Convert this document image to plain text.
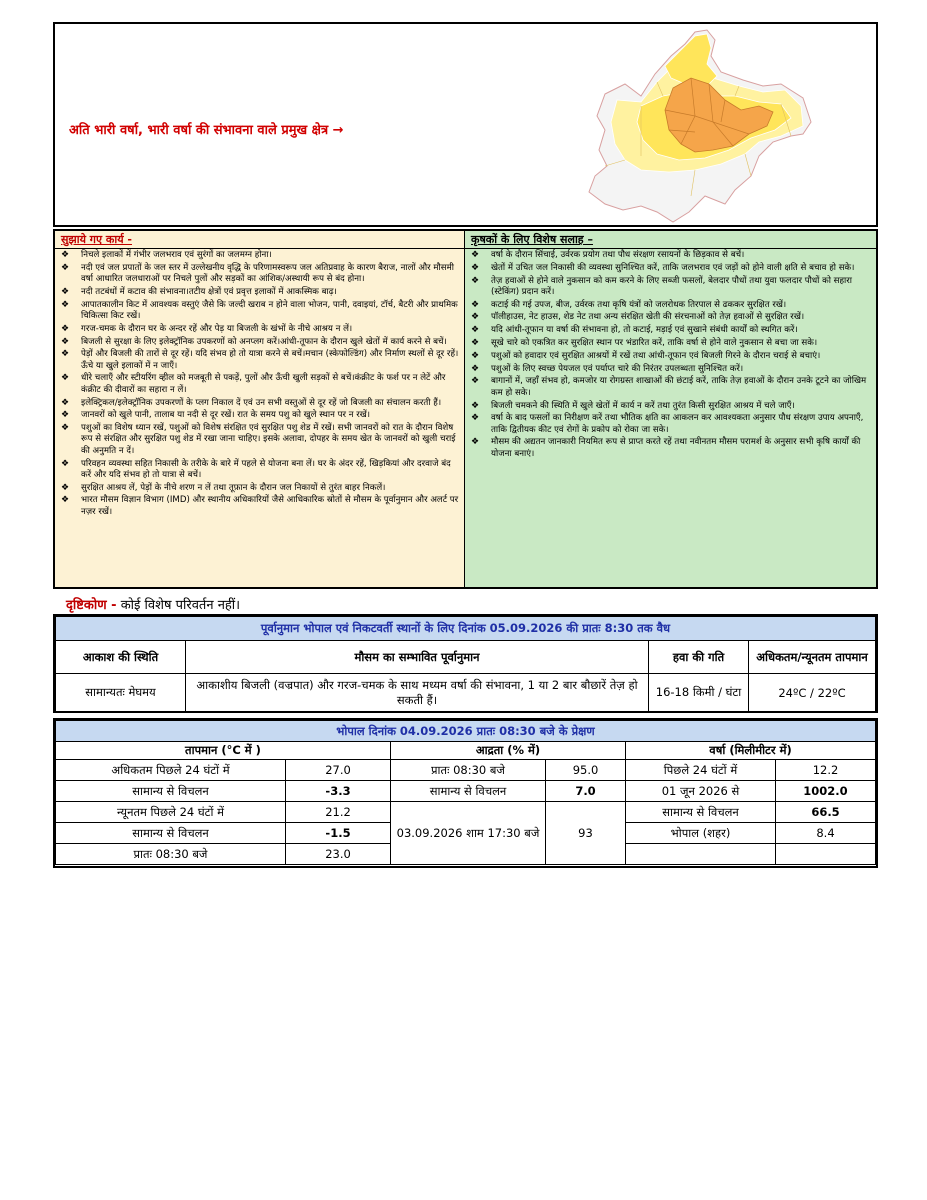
अति भारी वर्षा, भारी वर्षा की संभावना वाले प्रमुख क्षेत्र →
सुझाये गए कार्य -
❖ निचले इलाकों में गंभीर जलभराव एवं सुरंगों का जलमग्न होना।
❖ नदी एवं जल प्रपातों के जल स्तर में उल्लेखनीय वृद्धि के परिणामस्वरूप जल अतिप्रवाह के कारण बैराज, नालों और मौसमी वर्षा आधारित जलधाराओं पर निचले पुलों और सड़कों का आंशिक/अस्थायी रूप से बंद होना।
❖ नदी तटबंधों में कटाव की संभावना।तटीय क्षेत्रों एवं प्रवृत्त इलाकों में आकस्मिक बाढ़।
❖ आपातकालीन किट में आवश्यक वस्तुएं जैसे कि जल्दी खराब न होने वाला भोजन, पानी, दवाइयां, टॉर्च, बैटरी और प्राथमिक चिकित्सा किट रखें।
❖ गरज-चमक के दौरान घर के अन्दर रहें और पेड़ या बिजली के खंभों के नीचे आश्रय न लें।
❖ बिजली से सुरक्षा के लिए इलेक्ट्रॉनिक उपकरणों को अनप्लग करें।आंधी-तूफान के दौरान खुले खेतों में कार्य करने से बचें।
❖ पेड़ों और बिजली की तारों से दूर रहें। यदि संभव हो तो यात्रा करने से बचें।मचान (स्केफोल्डिंग) और निर्माण स्थलों से दूर रहें।ऊँचे या खुले इलाकों में न जाएँ।
❖ धीरे चलाएँ और स्टीयरिंग व्हील को मजबूती से पकड़ें, पुलों और ऊँची खुली सड़कों से बचें।कंक्रीट के फर्श पर न लेटें और कंक्रीट की दीवारों का सहारा न लें।
❖ इलेक्ट्रिकल/इलेक्ट्रॉनिक उपकरणों के प्लग निकाल दें एवं उन सभी वस्तुओं से दूर रहें जो बिजली का संचालन करती हैं।
❖ जानवरों को खुले पानी, तालाब या नदी से दूर रखें। रात के समय पशु को खुले स्थान पर न रखें।
❖ पशुओं का विशेष ध्यान रखें, पशुओं को विशेष संरक्षित एवं सुरक्षित पशु शेड में रखें। सभी जानवरों को रात के दौरान विशेष रूप से संरक्षित और सुरक्षित पशु शेड में रखा जाना चाहिए। इसके अलावा, दोपहर के समय खेत के जानवरों को खुली चराई की अनुमति न दें।
❖ परिवहन व्यवस्था सहित निकासी के तरीके के बारे में पहले से योजना बना लें। घर के अंदर रहें, खिड़कियां और दरवाजे बंद करें और यदि संभव हो तो यात्रा से बचें।
❖ सुरक्षित आश्रय लें, पेड़ों के नीचे शरण न लें तथा तूफ़ान के दौरान जल निकायों से तुरंत बाहर निकलें।
❖ भारत मौसम विज्ञान विभाग (IMD) और स्थानीय अधिकारियों जैसे आधिकारिक स्रोतों से मौसम के पूर्वानुमान और अलर्ट पर नज़र रखें।
कृषकों के लिए विशेष सलाह –
❖ वर्षा के दौरान सिंचाई, उर्वरक प्रयोग तथा पौध संरक्षण रसायनों के छिड़काव से बचें।
❖ खेतों में उचित जल निकासी की व्यवस्था सुनिश्चित करें, ताकि जलभराव एवं जड़ों को होने वाली क्षति से बचाव हो सके।
❖ तेज़ हवाओं से होने वाले नुकसान को कम करने के लिए सब्जी फसलों, बेलदार पौधों तथा युवा फलदार पौधों को सहारा (स्टेकिंग) प्रदान करें।
❖ कटाई की गई उपज, बीज, उर्वरक तथा कृषि यंत्रों को जलरोधक तिरपाल से ढककर सुरक्षित रखें।
❖ पॉलीहाउस, नेट हाउस, शेड नेट तथा अन्य संरक्षित खेती की संरचनाओं को तेज़ हवाओं से सुरक्षित रखें।
❖ यदि आंधी-तूफान या वर्षा की संभावना हो, तो कटाई, मड़ाई एवं सुखाने संबंधी कार्यों को स्थगित करें।
❖ सूखे चारे को एकत्रित कर सुरक्षित स्थान पर भंडारित करें, ताकि वर्षा से होने वाले नुकसान से बचा जा सके।
❖ पशुओं को हवादार एवं सुरक्षित आश्रयों में रखें तथा आंधी-तूफान एवं बिजली गिरने के दौरान चराई से बचाएं।
❖ पशुओं के लिए स्वच्छ पेयजल एवं पर्याप्त चारे की निरंतर उपलब्धता सुनिश्चित करें।
❖ बागानों में, जहाँ संभव हो, कमजोर या रोगग्रस्त शाखाओं की छंटाई करें, ताकि तेज़ हवाओं के दौरान उनके टूटने का जोखिम कम हो सके।
❖ बिजली चमकने की स्थिति में खुले खेतों में कार्य न करें तथा तुरंत किसी सुरक्षित आश्रय में चले जाएँ।
❖ वर्षा के बाद फसलों का निरीक्षण करें तथा भौतिक क्षति का आकलन कर आवश्यकता अनुसार पौध संरक्षण उपाय अपनाएँ, ताकि द्वितीयक कीट एवं रोगों के प्रकोप को रोका जा सके।
❖ मौसम की अद्यतन जानकारी नियमित रूप से प्राप्त करते रहें तथा नवीनतम मौसम परामर्श के अनुसार सभी कृषि कार्यों की योजना बनाएं।
दृष्टिकोण - कोई विशेष परिवर्तन नहीं।
पूर्वानुमान भोपाल एवं निकटवर्ती स्थानों के लिए दिनांक 05.09.2026 की प्रातः 8:30 तक वैध			
आकाश की स्थिति	मौसम का सम्भावित पूर्वानुमान	हवा की गति	अधिकतम/न्यूनतम तापमान
सामान्यतः मेघमय	आकाशीय बिजली (वज्रपात) और गरज-चमक के साथ मध्यम वर्षा की संभावना, 1 या 2 बार बौछारें तेज़ हो सकती हैं।	16-18 किमी / घंटा	24ºC / 22ºC
भोपाल दिनांक 04.09.2026 प्रातः 08:30 बजे के प्रेक्षण					
तापमान (°C में )		आद्रता (% में)		वर्षा (मिलीमीटर में)	
अधिकतम पिछले 24 घंटों में	27.0	प्रातः 08:30 बजे	95.0	पिछले 24 घंटों में	12.2
सामान्य से विचलन	-3.3	सामान्य से विचलन	7.0	01 जून 2026 से	1002.0
न्यूनतम पिछले 24 घंटों में	21.2	03.09.2026 शाम 17:30 बजे	93	सामान्य से विचलन	66.5
सामान्य से विचलन	-1.5			भोपाल (शहर)	8.4
प्रातः 08:30 बजे	23.0				
